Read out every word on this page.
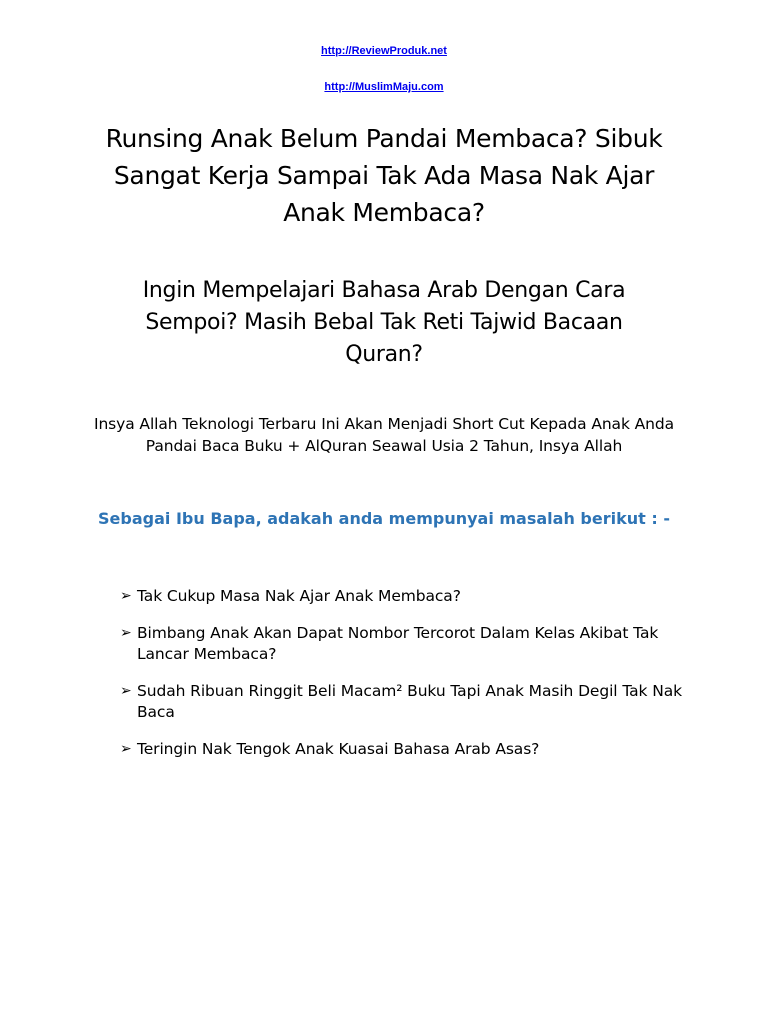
http://ReviewProduk.net
http://MuslimMaju.com
Runsing Anak Belum Pandai Membaca? Sibuk Sangat Kerja Sampai Tak Ada Masa Nak Ajar Anak Membaca?
Ingin Mempelajari Bahasa Arab Dengan Cara Sempoi? Masih Bebal Tak Reti Tajwid Bacaan Quran?
Insya Allah Teknologi Terbaru Ini Akan Menjadi Short Cut Kepada Anak Anda Pandai Baca Buku + AlQuran Seawal Usia 2 Tahun, Insya Allah
Sebagai Ibu Bapa, adakah anda mempunyai masalah berikut : -
➢ Tak Cukup Masa Nak Ajar Anak Membaca?
➢ Bimbang Anak Akan Dapat Nombor Tercorot Dalam Kelas Akibat Tak Lancar Membaca?
➢ Sudah Ribuan Ringgit Beli Macam² Buku Tapi Anak Masih Degil Tak Nak Baca
➢ Teringin Nak Tengok Anak Kuasai Bahasa Arab Asas?
